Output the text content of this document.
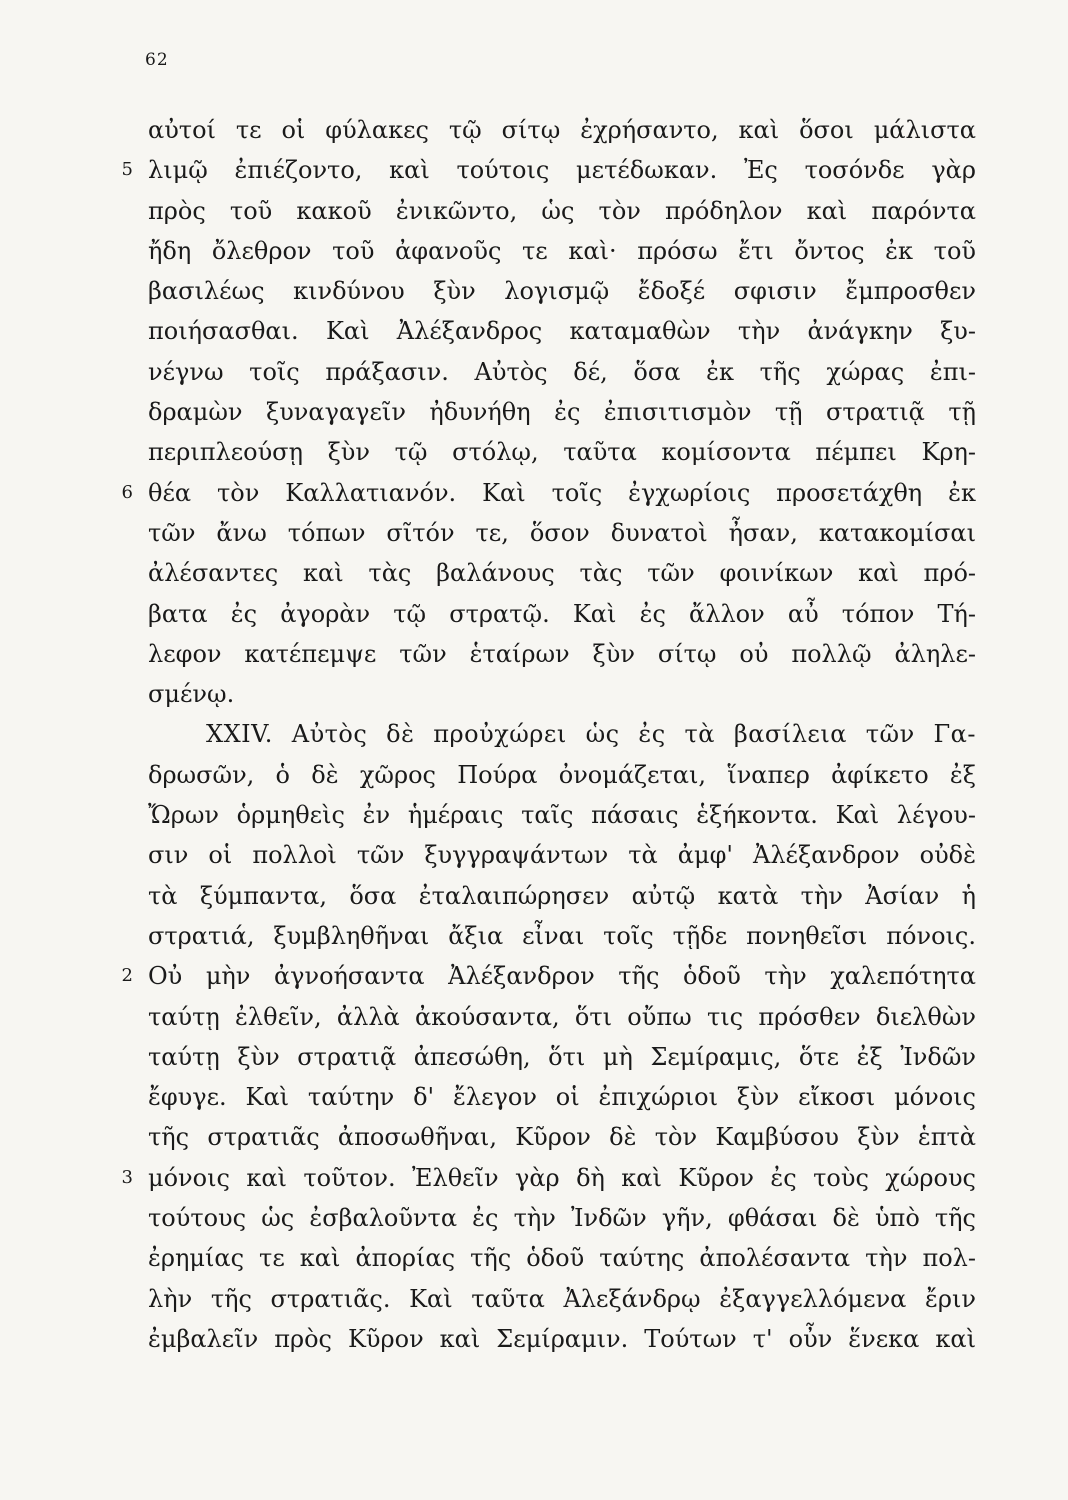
62
αὐτοί τε οἱ φύλακες τῷ σίτῳ ἐχρήσαντο, καὶ ὅσοι μάλιστα
5 λιμῷ ἐπιέζοντο, καὶ τούτοις μετέδωκαν. Ἐς τοσόνδε γὰρ
πρὸς τοῦ κακοῦ ἐνικῶντο, ὡς τὸν πρόδηλον καὶ παρόντα
ἤδη ὄλεθρον τοῦ ἀφανοῦς τε καὶ· πρόσω ἔτι ὄντος ἐκ τοῦ
βασιλέως κινδύνου ξὺν λογισμῷ ἔδοξέ σφισιν ἔμπροσθεν
ποιήσασθαι. Καὶ Ἀλέξανδρος καταμαθὼν τὴν ἀνάγκην ξυ-
νέγνω τοῖς πράξασιν. Αὐτὸς δέ, ὅσα ἐκ τῆς χώρας ἐπι-
δραμὼν ξυναγαγεῖν ἠδυνήθη ἐς ἐπισιτισμὸν τῇ στρατιᾷ τῇ
περιπλεούσῃ ξὺν τῷ στόλῳ, ταῦτα κομίσοντα πέμπει Κρη-
6 θέα τὸν Καλλατιανόν. Καὶ τοῖς ἐγχωρίοις προσετάχθη ἐκ
τῶν ἄνω τόπων σῖτόν τε, ὅσον δυνατοὶ ἦσαν, κατακομίσαι
ἀλέσαντες καὶ τὰς βαλάνους τὰς τῶν φοινίκων καὶ πρό-
βατα ἐς ἀγορὰν τῷ στρατῷ. Καὶ ἐς ἄλλον αὖ τόπον Τή-
λεφον κατέπεμψε τῶν ἑταίρων ξὺν σίτῳ οὐ πολλῷ ἀληλε-
σμένῳ.
XXIV. Αὐτὸς δὲ προὐχώρει ὡς ἐς τὰ βασίλεια τῶν Γα-
δρωσῶν, ὁ δὲ χῶρος Πούρα ὀνομάζεται, ἵναπερ ἀφίκετο ἐξ
Ὤρων ὁρμηθεὶς ἐν ἡμέραις ταῖς πάσαις ἑξήκοντα. Καὶ λέγου-
σιν οἱ πολλοὶ τῶν ξυγγραψάντων τὰ ἀμφ' Ἀλέξανδρον οὐδὲ
τὰ ξύμπαντα, ὅσα ἐταλαιπώρησεν αὐτῷ κατὰ τὴν Ἀσίαν ἡ
στρατιά, ξυμβληθῆναι ἄξια εἶναι τοῖς τῇδε πονηθεῖσι πόνοις.
2 Οὐ μὴν ἀγνοήσαντα Ἀλέξανδρον τῆς ὁδοῦ τὴν χαλεπότητα
ταύτῃ ἐλθεῖν, ἀλλὰ ἀκούσαντα, ὅτι οὔπω τις πρόσθεν διελθὼν
ταύτῃ ξὺν στρατιᾷ ἀπεσώθη, ὅτι μὴ Σεμίραμις, ὅτε ἐξ Ἰνδῶν
ἔφυγε. Καὶ ταύτην δ' ἔλεγον οἱ ἐπιχώριοι ξὺν εἴκοσι μόνοις
τῆς στρατιᾶς ἀποσωθῆναι, Κῦρον δὲ τὸν Καμβύσου ξὺν ἑπτὰ
3 μόνοις καὶ τοῦτον. Ἐλθεῖν γὰρ δὴ καὶ Κῦρον ἐς τοὺς χώρους
τούτους ὡς ἐσβαλοῦντα ἐς τὴν Ἰνδῶν γῆν, φθάσαι δὲ ὑπὸ τῆς
ἐρημίας τε καὶ ἀπορίας τῆς ὁδοῦ ταύτης ἀπολέσαντα τὴν πολ-
λὴν τῆς στρατιᾶς. Καὶ ταῦτα Ἀλεξάνδρῳ ἐξαγγελλόμενα ἔριν
ἐμβαλεῖν πρὸς Κῦρον καὶ Σεμίραμιν. Τούτων τ' οὖν ἕνεκα καὶ
